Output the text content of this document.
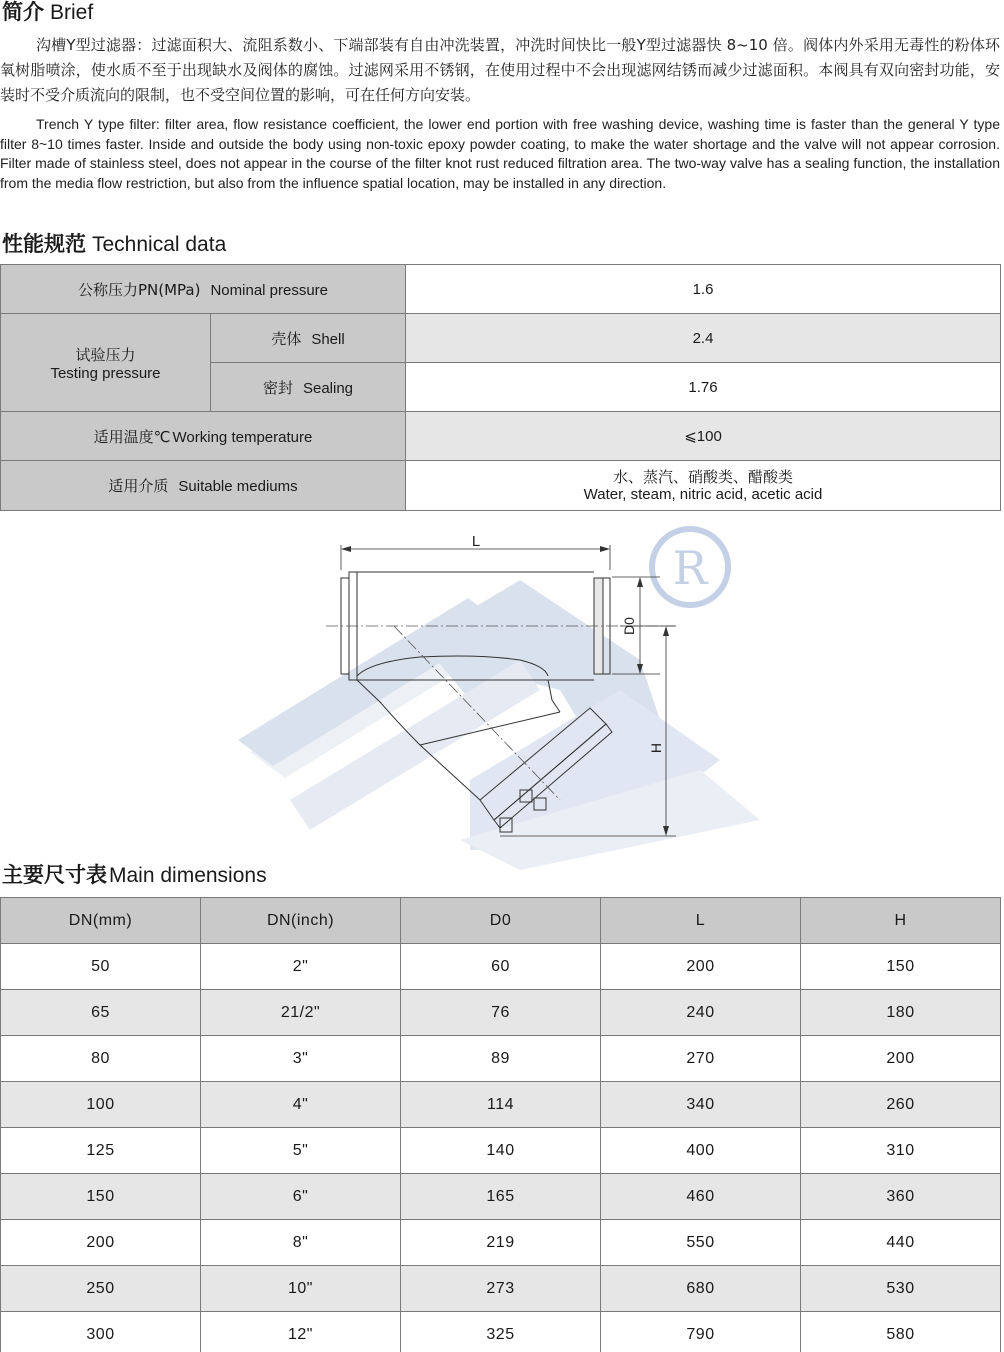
简介 Brief

沟槽Y型过滤器：过滤面积大、流阻系数小、下端部装有自由冲洗装置，冲洗时间快比一般Y型过滤器快 8~10 倍。阀体内外采用无毒性的粉体环氧树脂喷涂，使水质不至于出现缺水及阀体的腐蚀。过滤网采用不锈钢，在使用过程中不会出现滤网结锈而减少过滤面积。本阀具有双向密封功能，安装时不受介质流向的限制，也不受空间位置的影响，可在任何方向安装。

Trench Y type filter: filter area, flow resistance coefficient, the lower end portion with free washing device, washing time is faster than the general Y type filter 8~10 times faster. Inside and outside the body using non-toxic epoxy powder coating, to make the water shortage and the valve will not appear corrosion. Filter made of stainless steel, does not appear in the course of the filter knot rust reduced filtration area. The two-way valve has a sealing function, the installation from the media flow restriction, but also from the influence spatial location, may be installed in any direction.

性能规范 Technical data
公称压力PN(MPa) Nominal pressure		1.6

试验压力
Testing pressure	壳体 Shell	2.4
	密封 Sealing	1.76
适用温度℃ Working temperature		⩽100
适用介质 Suitable mediums		水、蒸汽、硝酸类、醋酸类
Water, steam, nitric acid, acetic acid
R
L
D0
H
主要尺寸表Main dimensions
DN(mm)	DN(inch)	D0	L	H
50	2"	60	200	150
65	21/2"	76	240	180
80	3"	89	270	200
100	4"	114	340	260
125	5"	140	400	310
150	6"	165	460	360
200	8"	219	550	440
250	10"	273	680	530
300	12"	325	790	580
